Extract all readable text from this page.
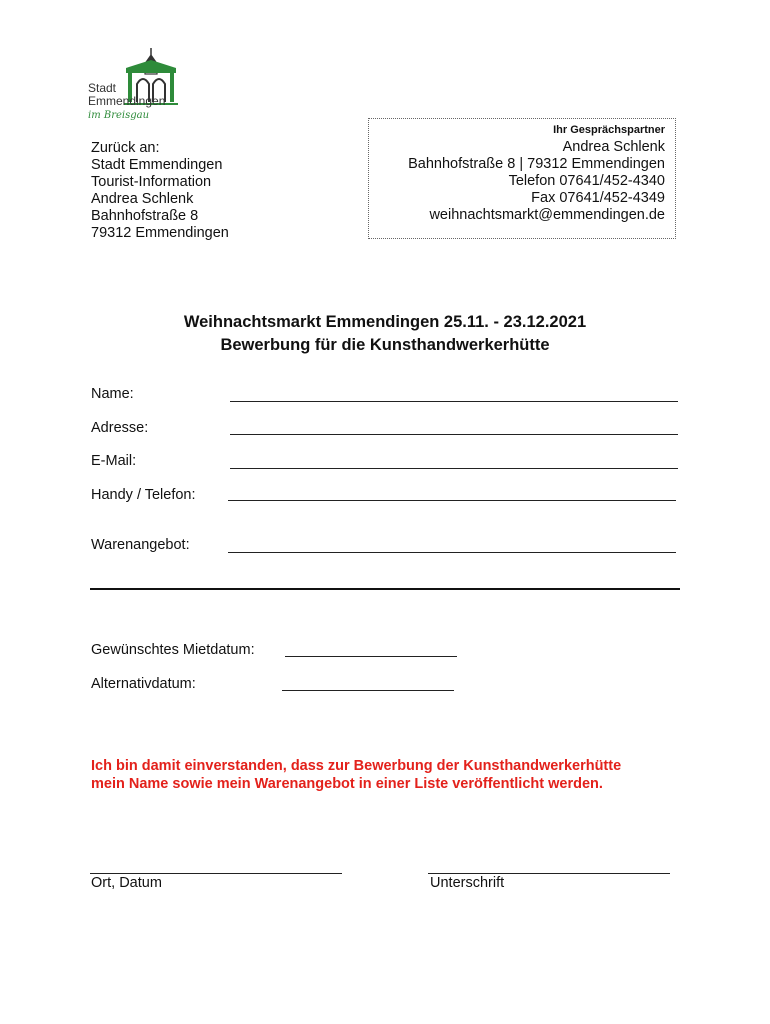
Stadt
Emmendingen
im Breisgau
Zurück an:
Stadt Emmendingen
Tourist-Information
Andrea Schlenk
Bahnhofstraße 8
79312 Emmendingen
Ihr Gesprächspartner
Andrea Schlenk
Bahnhofstraße 8 | 79312 Emmendingen
Telefon 07641/452-4340
Fax 07641/452-4349
weihnachtsmarkt@emmendingen.de
Weihnachtsmarkt Emmendingen 25.11. - 23.12.2021
Bewerbung für die Kunsthandwerkerhütte
Name:
Adresse:
E-Mail:
Handy / Telefon:
Warenangebot:
Gewünschtes Mietdatum:
Alternativdatum:
Ich bin damit einverstanden, dass zur Bewerbung der Kunsthandwerkerhütte
mein Name sowie mein Warenangebot in einer Liste veröffentlicht werden.
Ort, Datum	Unterschrift
